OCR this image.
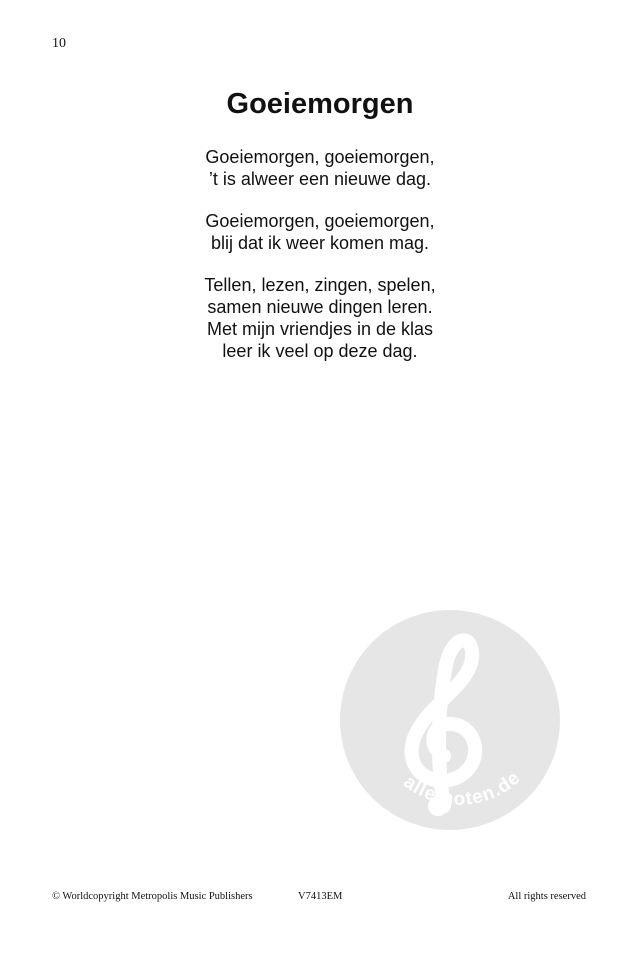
10
Goeiemorgen
Goeiemorgen, goeiemorgen,
’t is alweer een nieuwe dag.
Goeiemorgen, goeiemorgen,
blij dat ik weer komen mag.
Tellen, lezen, zingen, spelen,
samen nieuwe dingen leren.
Met mijn vriendjes in de klas
leer ik veel op deze dag.
alle-noten.de
© Worldcopyright Metropolis Music Publishers	V7413EM	All rights reserved
